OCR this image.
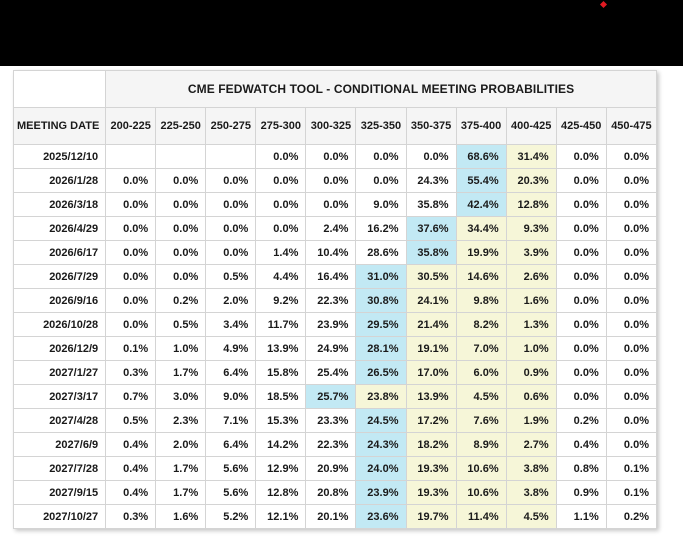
	CME FEDWATCH TOOL - CONDITIONAL MEETING PROBABILITIES										
MEETING DATE	200-225	225-250	250-275	275-300	300-325	325-350	350-375	375-400	400-425	425-450	450-475
2025/12/10				0.0%	0.0%	0.0%	0.0%	68.6%	31.4%	0.0%	0.0%
2026/1/28	0.0%	0.0%	0.0%	0.0%	0.0%	0.0%	24.3%	55.4%	20.3%	0.0%	0.0%
2026/3/18	0.0%	0.0%	0.0%	0.0%	0.0%	9.0%	35.8%	42.4%	12.8%	0.0%	0.0%
2026/4/29	0.0%	0.0%	0.0%	0.0%	2.4%	16.2%	37.6%	34.4%	9.3%	0.0%	0.0%
2026/6/17	0.0%	0.0%	0.0%	1.4%	10.4%	28.6%	35.8%	19.9%	3.9%	0.0%	0.0%
2026/7/29	0.0%	0.0%	0.5%	4.4%	16.4%	31.0%	30.5%	14.6%	2.6%	0.0%	0.0%
2026/9/16	0.0%	0.2%	2.0%	9.2%	22.3%	30.8%	24.1%	9.8%	1.6%	0.0%	0.0%
2026/10/28	0.0%	0.5%	3.4%	11.7%	23.9%	29.5%	21.4%	8.2%	1.3%	0.0%	0.0%
2026/12/9	0.1%	1.0%	4.9%	13.9%	24.9%	28.1%	19.1%	7.0%	1.0%	0.0%	0.0%
2027/1/27	0.3%	1.7%	6.4%	15.8%	25.4%	26.5%	17.0%	6.0%	0.9%	0.0%	0.0%
2027/3/17	0.7%	3.0%	9.0%	18.5%	25.7%	23.8%	13.9%	4.5%	0.6%	0.0%	0.0%
2027/4/28	0.5%	2.3%	7.1%	15.3%	23.3%	24.5%	17.2%	7.6%	1.9%	0.2%	0.0%
2027/6/9	0.4%	2.0%	6.4%	14.2%	22.3%	24.3%	18.2%	8.9%	2.7%	0.4%	0.0%
2027/7/28	0.4%	1.7%	5.6%	12.9%	20.9%	24.0%	19.3%	10.6%	3.8%	0.8%	0.1%
2027/9/15	0.4%	1.7%	5.6%	12.8%	20.8%	23.9%	19.3%	10.6%	3.8%	0.9%	0.1%
2027/10/27	0.3%	1.6%	5.2%	12.1%	20.1%	23.6%	19.7%	11.4%	4.5%	1.1%	0.2%
